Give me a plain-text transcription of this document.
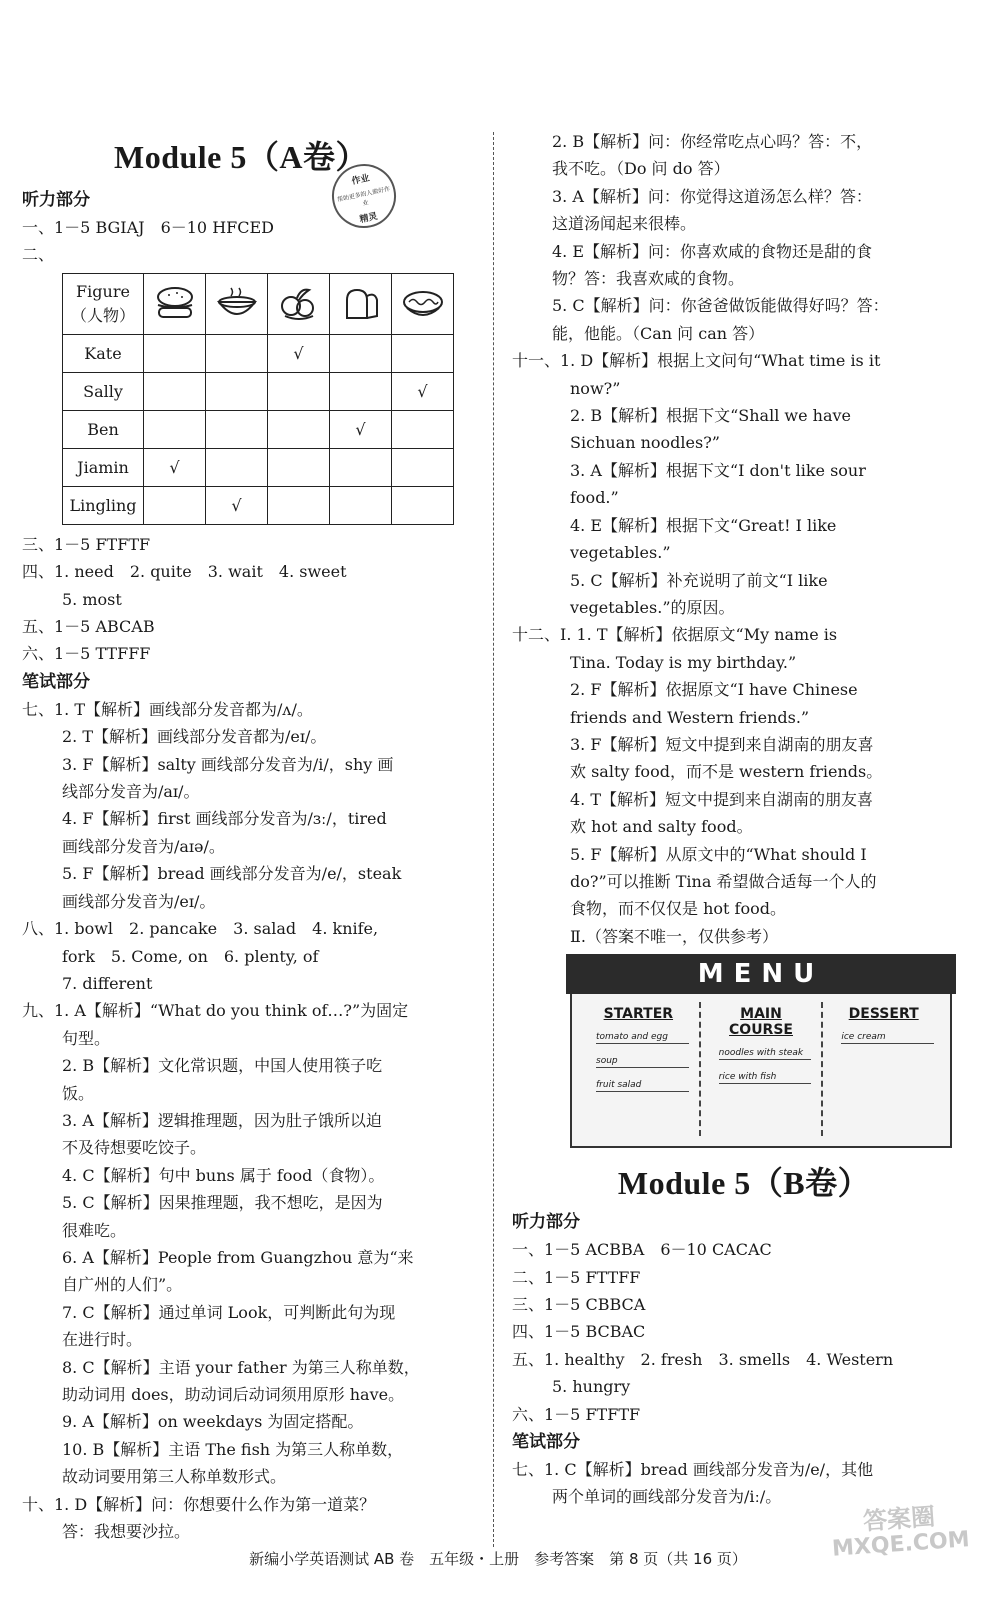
作业
帮助更多的人做好作业
精灵
Module 5（A卷）
听力部分
一、1－5 BGIAJ　6－10 HFCED
二、
Figure（人物）	

Kate			√		
Sally					√
Ben				√	
Jiamin	√				
Lingling		√			
三、1－5 FTFTF
四、1. need　2. quite　3. wait　4. sweet
5. most
五、1－5 ABCAB
六、1－5 TTFFF
笔试部分
七、1. T【解析】画线部分发音都为/ʌ/。
2. T【解析】画线部分发音都为/eɪ/。
3. F【解析】salty 画线部分发音为/i/，shy 画
线部分发音为/aɪ/。
4. F【解析】first 画线部分发音为/ɜː/，tired
画线部分发音为/aɪə/。
5. F【解析】bread 画线部分发音为/e/，steak
画线部分发音为/eɪ/。
八、1. bowl　2. pancake　3. salad　4. knife,
fork　5. Come, on　6. plenty, of
7. different
九、1. A【解析】“What do you think of…?”为固定
句型。
2. B【解析】文化常识题，中国人使用筷子吃
饭。
3. A【解析】逻辑推理题，因为肚子饿所以迫
不及待想要吃饺子。
4. C【解析】句中 buns 属于 food（食物）。
5. C【解析】因果推理题，我不想吃，是因为
很难吃。
6. A【解析】People from Guangzhou 意为“来
自广州的人们”。
7. C【解析】通过单词 Look，可判断此句为现
在进行时。
8. C【解析】主语 your father 为第三人称单数，
助动词用 does，助动词后动词须用原形 have。
9. A【解析】on weekdays 为固定搭配。
10. B【解析】主语 The fish 为第三人称单数，
故动词要用第三人称单数形式。
十、1. D【解析】问：你想要什么作为第一道菜？
答：我想要沙拉。
2. B【解析】问：你经常吃点心吗？答：不，
我不吃。（Do 问 do 答）
3. A【解析】问：你觉得这道汤怎么样？答：
这道汤闻起来很棒。
4. E【解析】问：你喜欢咸的食物还是甜的食
物？答：我喜欢咸的食物。
5. C【解析】问：你爸爸做饭能做得好吗？答：
能，他能。（Can 问 can 答）
十一、1. D【解析】根据上文问句“What time is it
now?”
2. B【解析】根据下文“Shall we have
Sichuan noodles?”
3. A【解析】根据下文“I don't like sour
food.”
4. E【解析】根据下文“Great! I like
vegetables.”
5. C【解析】补充说明了前文“I like
vegetables.”的原因。
十二、Ⅰ. 1. T【解析】依据原文“My name is
Tina. Today is my birthday.”
2. F【解析】依据原文“I have Chinese
friends and Western friends.”
3. F【解析】短文中提到来自湖南的朋友喜
欢 salty food，而不是 western friends。
4. T【解析】短文中提到来自湖南的朋友喜
欢 hot and salty food。
5. F【解析】从原文中的“What should I
do?”可以推断 Tina 希望做合适每一个人的
食物，而不仅仅是 hot food。
Ⅱ.（答案不唯一，仅供参考）
MENU
STARTER
tomato and egg
soup
fruit salad
MAIN COURSE
noodles with steak
rice with fish
DESSERT
ice cream
Module 5（B卷）
听力部分
一、1－5 ACBBA　6－10 CACAC
二、1－5 FTTFF
三、1－5 CBBCA
四、1－5 BCBAC
五、1. healthy　2. fresh　3. smells　4. Western
5. hungry
六、1－5 FTFTF
笔试部分
七、1. C【解析】bread 画线部分发音为/e/，其他
两个单词的画线部分发音为/iː/。
答案圈
MXQE.COM
新编小学英语测试 AB 卷　五年级・上册　参考答案　第 8 页（共 16 页）
